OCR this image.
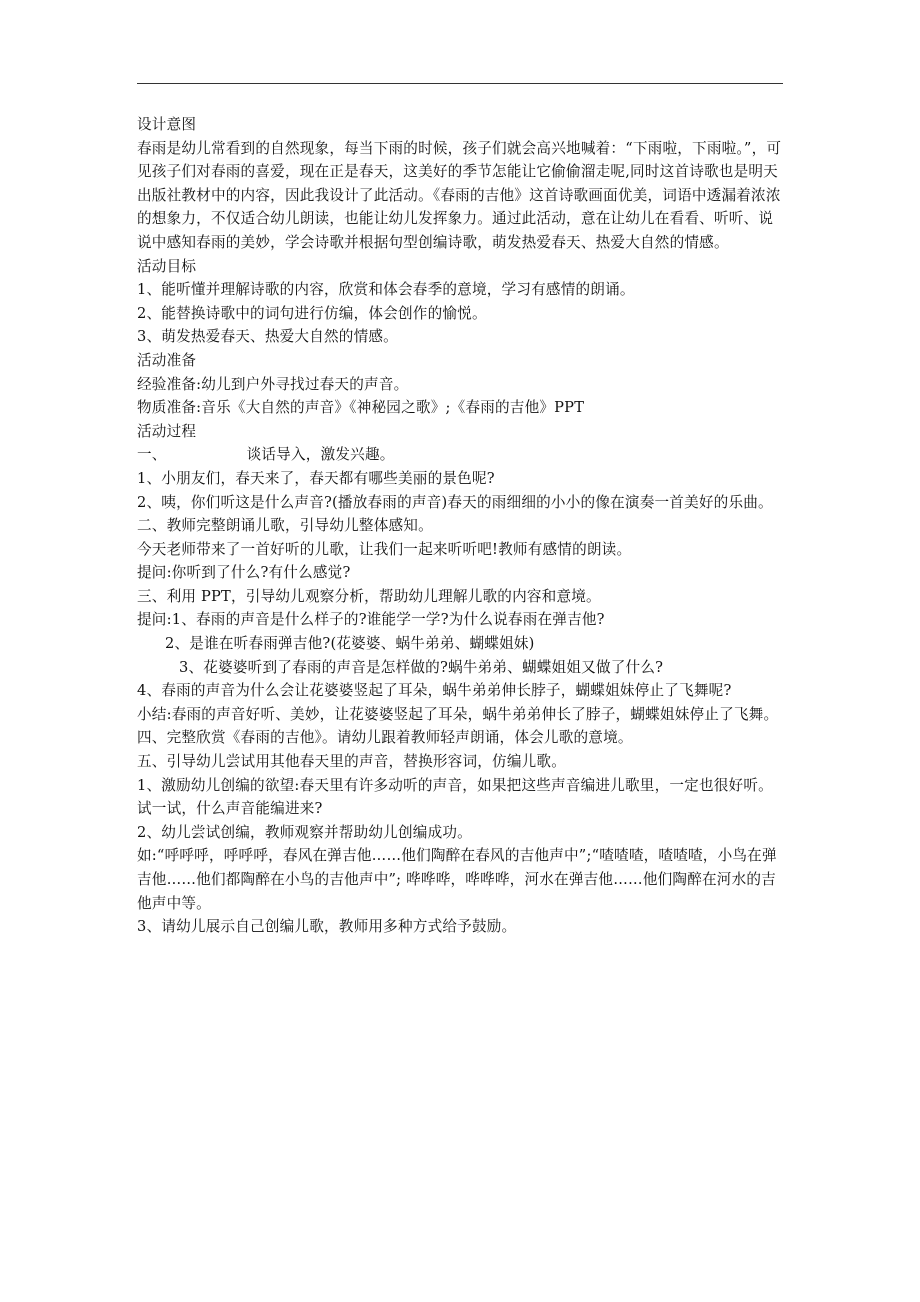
设计意图

春雨是幼儿常看到的自然现象，每当下雨的时候，孩子们就会高兴地喊着：“下雨啦，下雨啦。”，可见孩子们对春雨的喜爱，现在正是春天，这美好的季节怎能让它偷偷溜走呢,同时这首诗歌也是明天出版社教材中的内容，因此我设计了此活动。《春雨的吉他》这首诗歌画面优美，词语中透漏着浓浓的想象力，不仅适合幼儿朗读，也能让幼儿发挥象力。通过此活动，意在让幼儿在看看、听听、说说中感知春雨的美妙，学会诗歌并根据句型创编诗歌，萌发热爱春天、热爱大自然的情感。

活动目标

1、能听懂并理解诗歌的内容，欣赏和体会春季的意境，学习有感情的朗诵。

2、能替换诗歌中的词句进行仿编，体会创作的愉悦。

3、萌发热爱春天、热爱大自然的情感。

活动准备

经验准备:幼儿到户外寻找过春天的声音。

物质准备:音乐《大自然的声音》《神秘园之歌》;《春雨的吉他》PPT

活动过程

一、	谈话导入，激发兴趣。

1、小朋友们，春天来了，春天都有哪些美丽的景色呢?

2、咦，你们听这是什么声音?(播放春雨的声音)春天的雨细细的小小的像在演奏一首美好的乐曲。

二、教师完整朗诵儿歌，引导幼儿整体感知。

今天老师带来了一首好听的儿歌，让我们一起来听听吧!教师有感情的朗读。

提问:你听到了什么?有什么感觉?

三、利用 PPT，引导幼儿观察分析，帮助幼儿理解儿歌的内容和意境。

提问:1、春雨的声音是什么样子的?谁能学一学?为什么说春雨在弹吉他?

2、是谁在听春雨弹吉他?(花婆婆、蜗牛弟弟、蝴蝶姐妹)

3、花婆婆听到了春雨的声音是怎样做的?蜗牛弟弟、蝴蝶姐姐又做了什么?

4、春雨的声音为什么会让花婆婆竖起了耳朵，蜗牛弟弟伸长脖子，蝴蝶姐妹停止了飞舞呢?

小结:春雨的声音好听、美妙，让花婆婆竖起了耳朵，蜗牛弟弟伸长了脖子，蝴蝶姐妹停止了飞舞。

四、完整欣赏《春雨的吉他》。请幼儿跟着教师轻声朗诵，体会儿歌的意境。

五、引导幼儿尝试用其他春天里的声音，替换形容词，仿编儿歌。

1、激励幼儿创编的欲望:春天里有许多动听的声音，如果把这些声音编进儿歌里，一定也很好听。试一试，什么声音能编进来?

2、幼儿尝试创编，教师观察并帮助幼儿创编成功。

如:“呼呼呼，呼呼呼，春风在弹吉他……他们陶醉在春风的吉他声中”;“喳喳喳，喳喳喳，小鸟在弹吉他……他们都陶醉在小鸟的吉他声中”; 哗哗哗，哗哗哗，河水在弹吉他……他们陶醉在河水的吉他声中等。

3、请幼儿展示自己创编儿歌，教师用多种方式给予鼓励。
